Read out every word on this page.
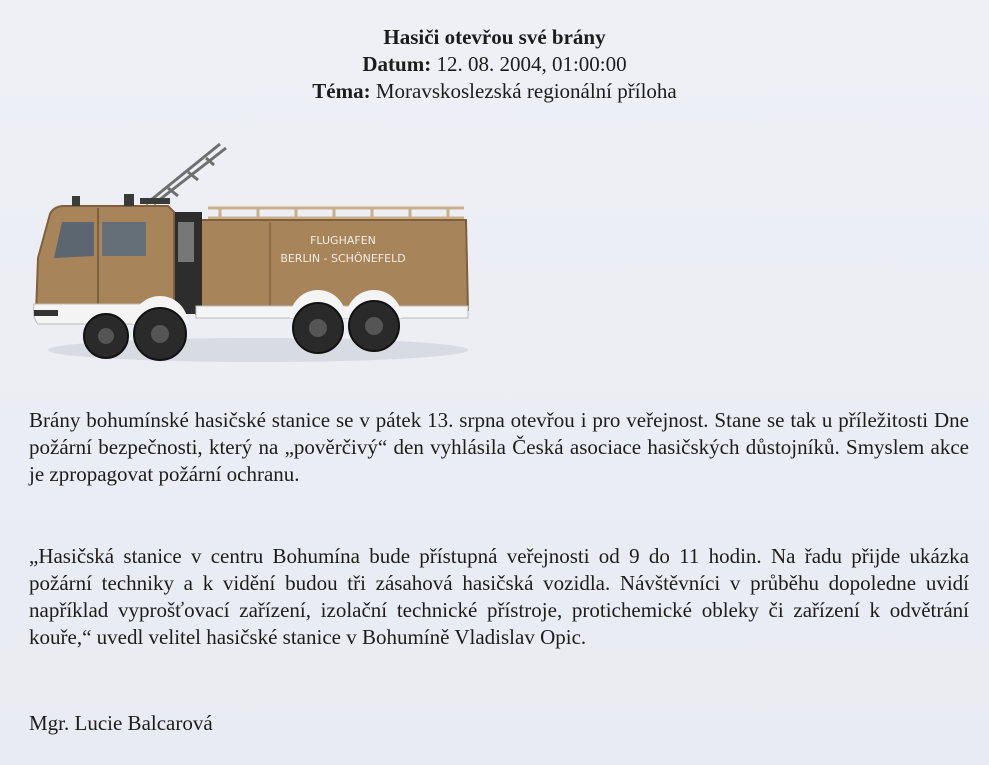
Hasiči otevřou své brány
Datum: 12. 08. 2004, 01:00:00
Téma: Moravskoslezská regionální příloha
FLUGHAFEN
BERLIN - SCHÖNEFELD
Brány bohumínské hasičské stanice se v pátek 13. srpna otevřou i pro veřejnost. Stane se tak u příležitosti Dne požární bezpečnosti, který na „pověrčivý“ den vyhlásila Česká asociace hasičských důstojníků. Smyslem akce je zpropagovat požární ochranu.
„Hasičská stanice v centru Bohumína bude přístupná veřejnosti od 9 do 11 hodin. Na řadu přijde ukázka požární techniky a k vidění budou tři zásahová hasičská vozidla. Návštěvníci v průběhu dopoledne uvidí například vyprošťovací zařízení, izolační technické přístroje, protichemické obleky či zařízení k odvětrání kouře,“ uvedl velitel hasičské stanice v Bohumíně Vladislav Opic.
Mgr. Lucie Balcarová
